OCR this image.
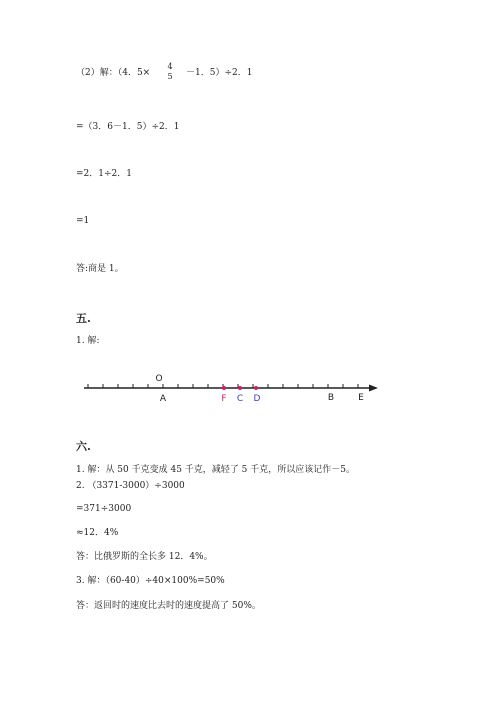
（2）解：（4．5×
4
5	－1．5）÷2．1
=（3．6－1．5）÷2．1
=2．1÷2．1
=1
答:商是 1。
五.
1. 解:
O
A	F C D	B	E
六.
1. 解：从 50 千克变成 45 千克，减轻了 5 千克，所以应该记作－5。
2. （3371-3000）÷3000
=371÷3000
≈12．4%
答：比俄罗斯的全长多 12．4%。
3. 解：（60-40）÷40×100%=50%
答：返回时的速度比去时的速度提高了 50%。
